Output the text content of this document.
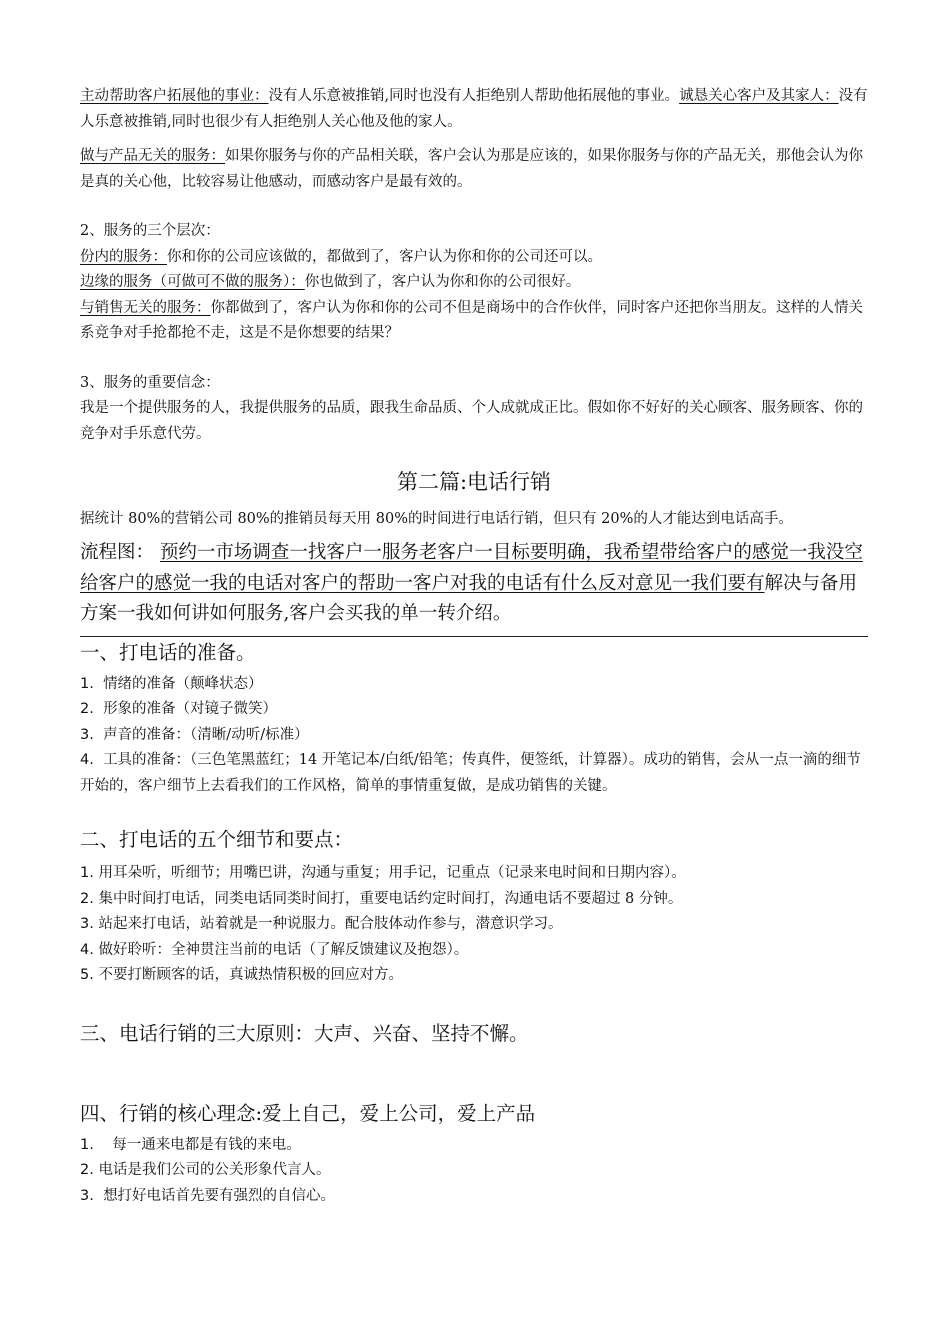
主动帮助客户拓展他的事业：没有人乐意被推销,同时也没有人拒绝别人帮助他拓展他的事业。诚恳关心客户及其家人：没有人乐意被推销,同时也很少有人拒绝别人关心他及他的家人。

做与产品无关的服务：如果你服务与你的产品相关联，客户会认为那是应该的，如果你服务与你的产品无关，那他会认为你是真的关心他，比较容易让他感动，而感动客户是最有效的。

2、服务的三个层次：

份内的服务：你和你的公司应该做的，都做到了，客户认为你和你的公司还可以。

边缘的服务（可做可不做的服务）：你也做到了，客户认为你和你的公司很好。

与销售无关的服务：你都做到了，客户认为你和你的公司不但是商场中的合作伙伴，同时客户还把你当朋友。这样的人情关系竞争对手抢都抢不走，这是不是你想要的结果？

3、服务的重要信念：

我是一个提供服务的人，我提供服务的品质，跟我生命品质、个人成就成正比。假如你不好好的关心顾客、服务顾客、你的竞争对手乐意代劳。

第二篇:电话行销

据统计 80%的营销公司 80%的推销员每天用 80%的时间进行电话行销，但只有 20%的人才能达到电话高手。

流程图： 预约一市场调查一找客户一服务老客户一目标要明确，我希望带给客户的感觉一我没空给客户的感觉一我的电话对客户的帮助一客户对我的电话有什么反对意见一我们要有解决与备用方案一我如何讲如何服务,客户会买我的单一转介绍。

一、打电话的准备。

1. 情绪的准备（颠峰状态）

2. 形象的准备（对镜子微笑）

3. 声音的准备：（清晰/动听/标准）

4. 工具的准备：（三色笔黑蓝红；14 开笔记本/白纸/铅笔；传真件，便签纸，计算器）。成功的销售，会从一点一滴的细节开始的，客户细节上去看我们的工作风格，简单的事情重复做，是成功销售的关键。

二、打电话的五个细节和要点：

1. 用耳朵听，听细节；用嘴巴讲，沟通与重复；用手记，记重点（记录来电时间和日期内容）。

2. 集中时间打电话，同类电话同类时间打，重要电话约定时间打，沟通电话不要超过 8 分钟。

3. 站起来打电话，站着就是一种说服力。配合肢体动作参与，潜意识学习。

4. 做好聆听：全神贯注当前的电话（了解反馈建议及抱怨）。

5. 不要打断顾客的话，真诚热情积极的回应对方。

三、电话行销的三大原则：大声、兴奋、坚持不懈。

四、行销的核心理念:爱上自己，爱上公司，爱上产品

1. 每一通来电都是有钱的来电。

2. 电话是我们公司的公关形象代言人。

3. 想打好电话首先要有强烈的自信心。
